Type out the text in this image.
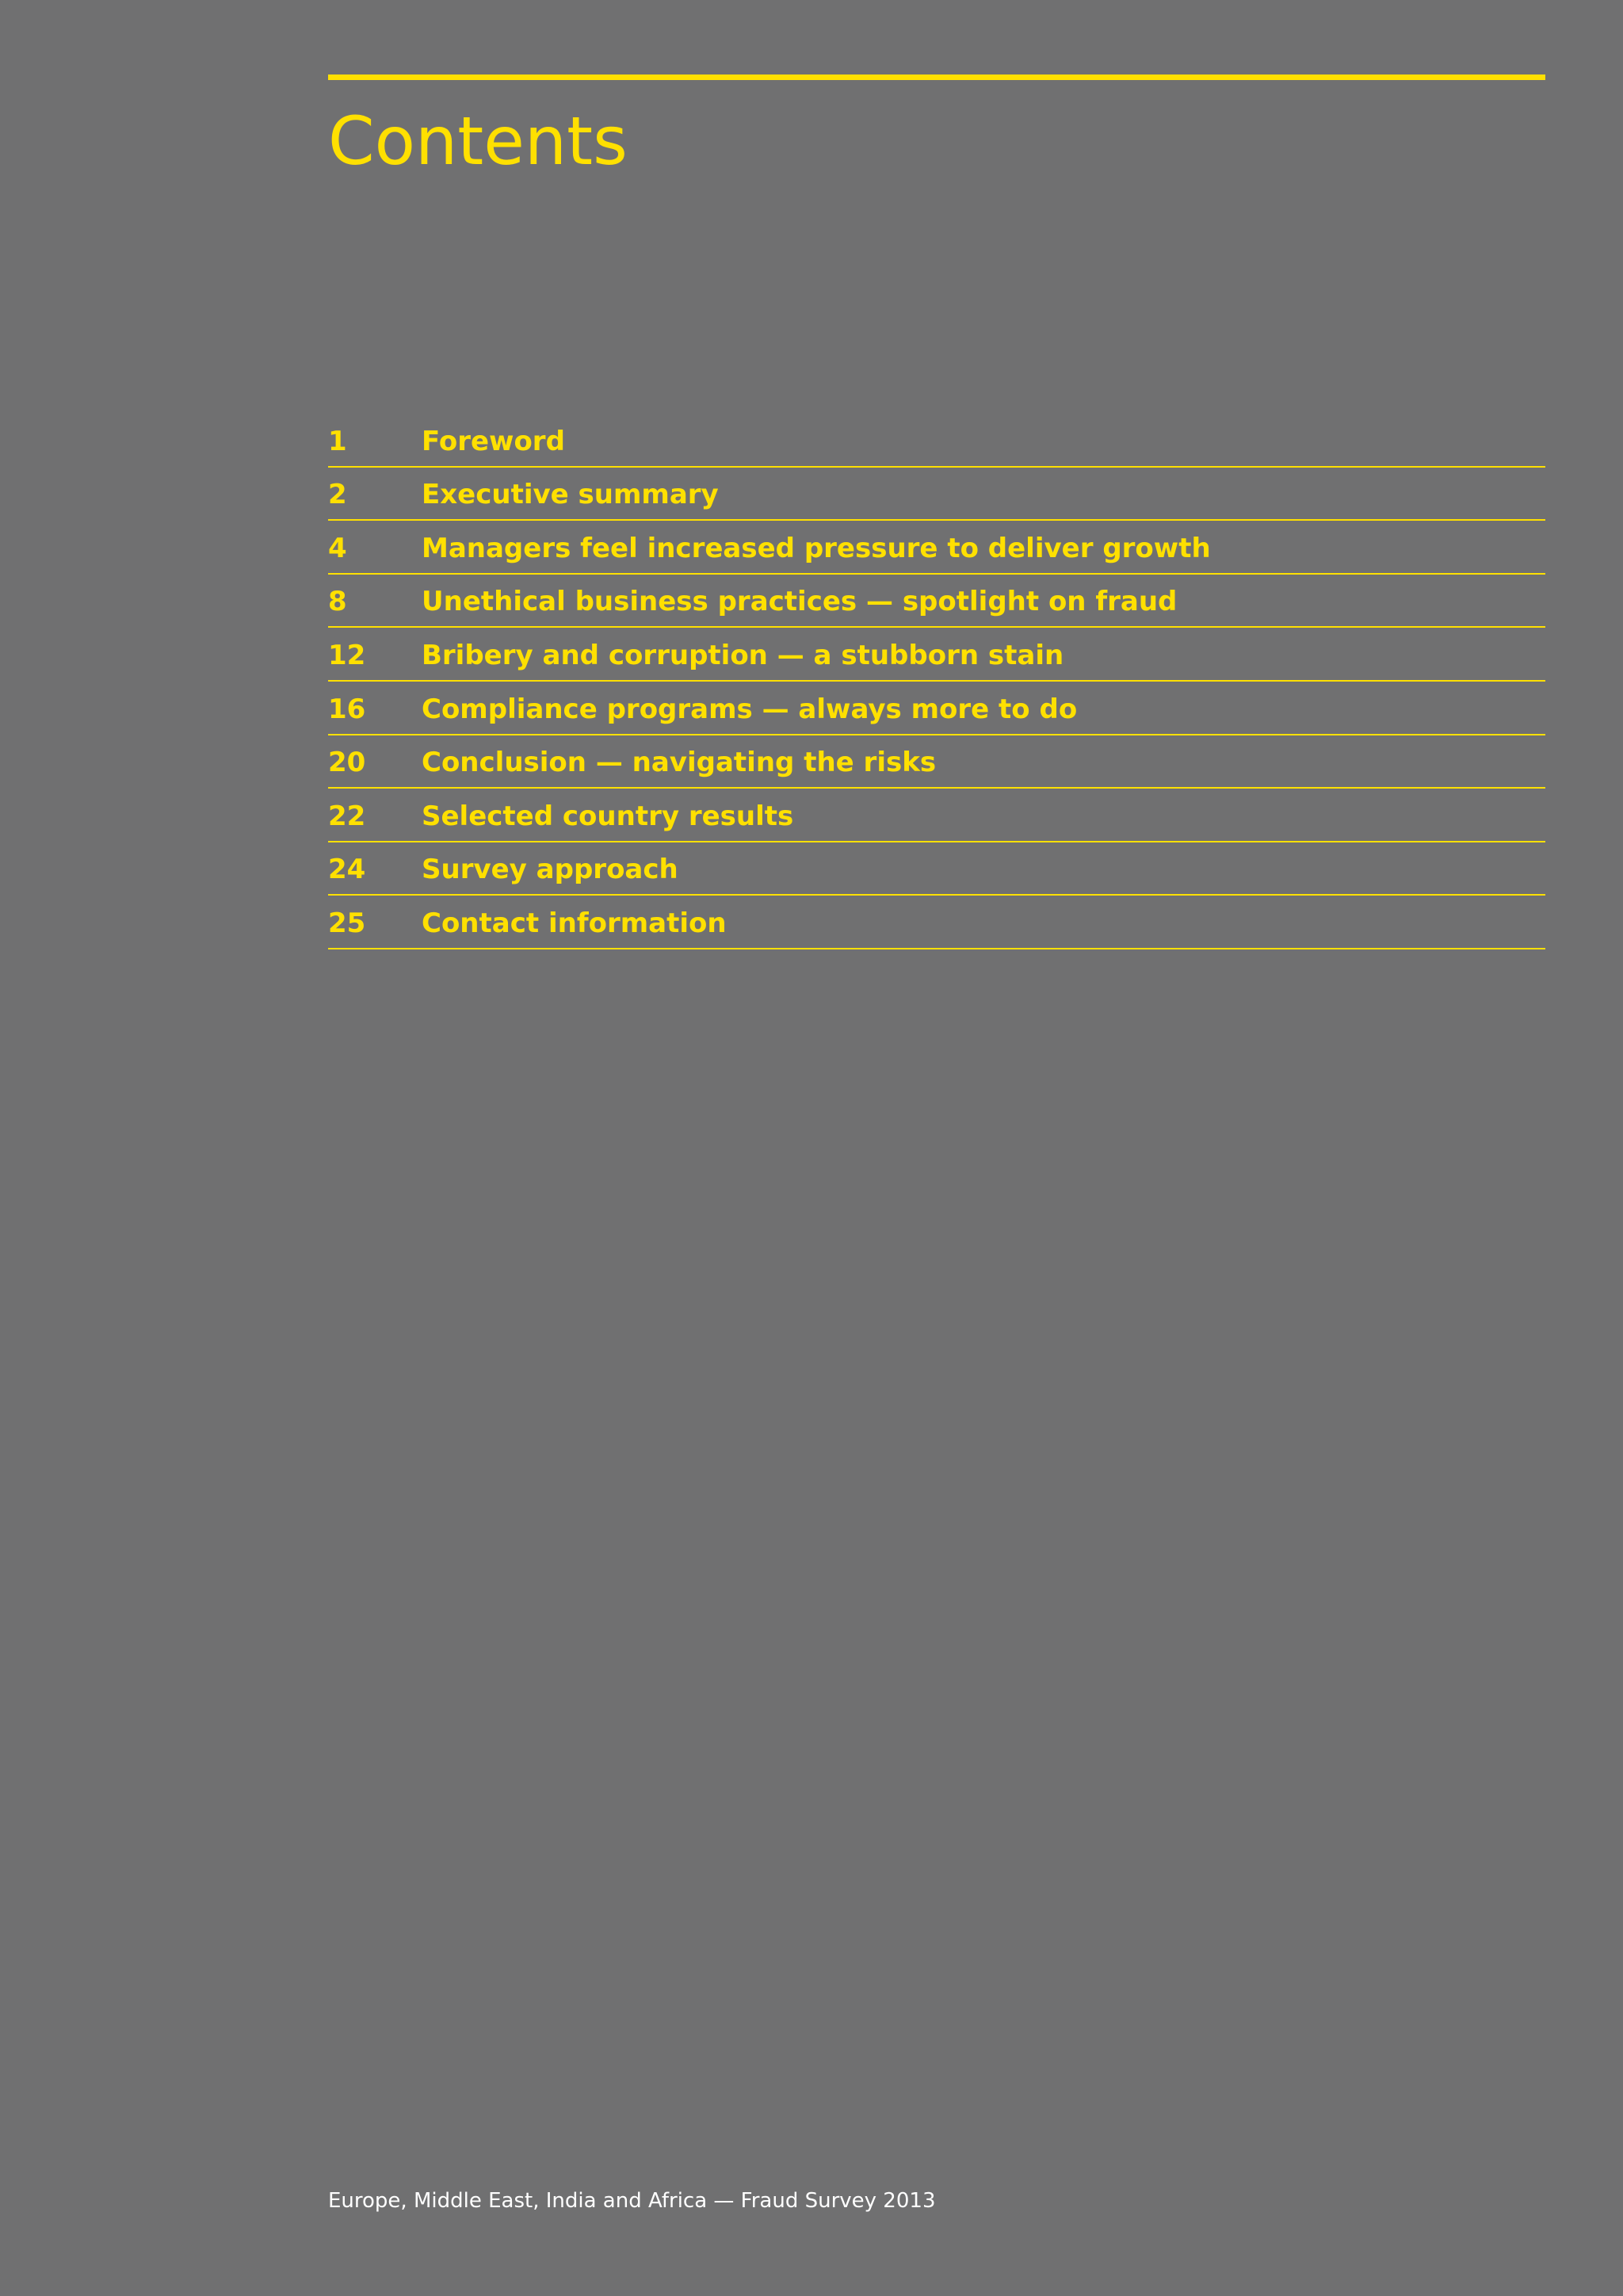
Contents
1	Foreword
2	Executive summary
4	Managers feel increased pressure to deliver growth
8	Unethical business practices — spotlight on fraud
12 Bribery and corruption — a stubborn stain
16 Compliance programs — always more to do
20 Conclusion — navigating the risks
22 Selected country results
24 Survey approach
25 Contact information

Europe, Middle East, India and Africa — Fraud Survey 2013
